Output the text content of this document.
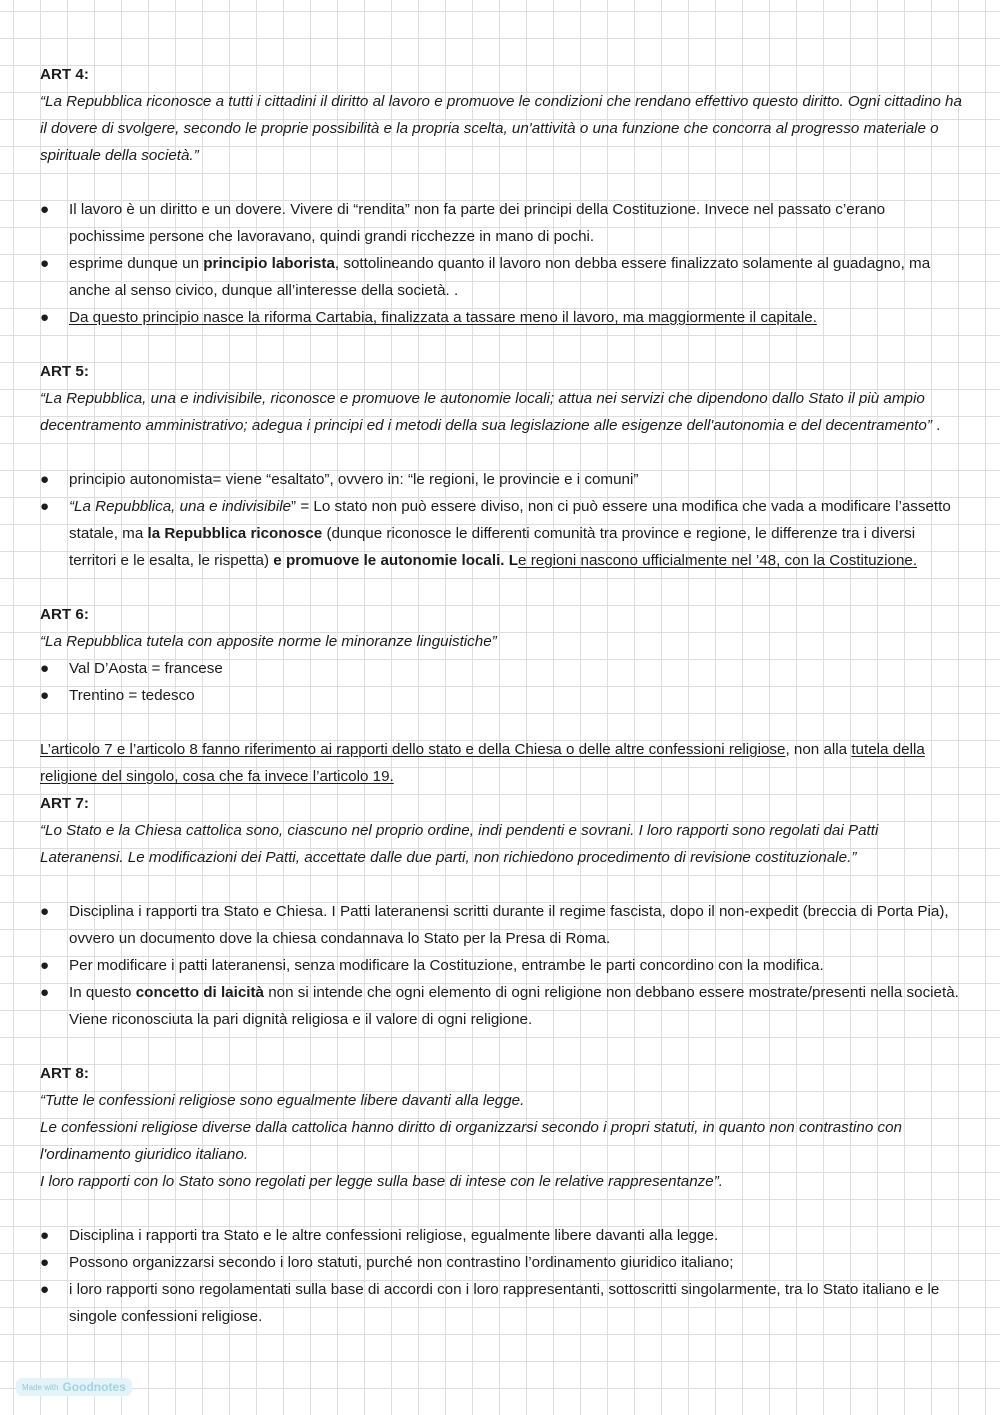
ART 4:

“La Repubblica riconosce a tutti i cittadini il diritto al lavoro e promuove le condizioni che rendano effettivo questo diritto. Ogni cittadino ha il dovere di svolgere, secondo le proprie possibilità e la propria scelta, un'attività o una funzione che concorra al progresso materiale o spirituale della società.”

● Il lavoro è un diritto e un dovere. Vivere di “rendita” non fa parte dei principi della Costituzione. Invece nel passato c’erano pochissime persone che lavoravano, quindi grandi ricchezze in mano di pochi.
● esprime dunque un principio laborista, sottolineando quanto il lavoro non debba essere finalizzato solamente al guadagno, ma anche al senso civico, dunque all’interesse della società. .
● Da questo principio nasce la riforma Cartabia, finalizzata a tassare meno il lavoro, ma maggiormente il capitale.

ART 5:

“La Repubblica, una e indivisibile, riconosce e promuove le autonomie locali; attua nei servizi che dipendono dallo Stato il più ampio decentramento amministrativo; adegua i principi ed i metodi della sua legislazione alle esigenze dell'autonomia e del decentramento” .

● principio autonomista= viene “esaltato”, ovvero in: “le regioni, le provincie e i comuni”
● “La Repubblica, una e indivisibile” = Lo stato non può essere diviso, non ci può essere una modifica che vada a modificare l’assetto statale, ma la Repubblica riconosce (dunque riconosce le differenti comunità tra province e regione, le differenze tra i diversi territori e le esalta, le rispetta) e promuove le autonomie locali. Le regioni nascono ufficialmente nel ’48, con la Costituzione.

ART 6:

“La Repubblica tutela con apposite norme le minoranze linguistiche”

● Val D’Aosta = francese
● Trentino = tedesco

L’articolo 7 e l’articolo 8 fanno riferimento ai rapporti dello stato e della Chiesa o delle altre confessioni religiose, non alla tutela della religione del singolo, cosa che fa invece l’articolo 19.

ART 7:

“Lo Stato e la Chiesa cattolica sono, ciascuno nel proprio ordine, indi pendenti e sovrani. I loro rapporti sono regolati dai Patti Lateranensi. Le modificazioni dei Patti, accettate dalle due parti, non richiedono procedimento di revisione costituzionale.”

● Disciplina i rapporti tra Stato e Chiesa. I Patti lateranensi scritti durante il regime fascista, dopo il non-expedit (breccia di Porta Pia), ovvero un documento dove la chiesa condannava lo Stato per la Presa di Roma.
● Per modificare i patti lateranensi, senza modificare la Costituzione, entrambe le parti concordino con la modifica.
● In questo concetto di laicità non si intende che ogni elemento di ogni religione non debbano essere mostrate/presenti nella società. Viene riconosciuta la pari dignità religiosa e il valore di ogni religione.

ART 8:

“Tutte le confessioni religiose sono egualmente libere davanti alla legge.

Le confessioni religiose diverse dalla cattolica hanno diritto di organizzarsi secondo i propri statuti, in quanto non contrastino con l'ordinamento giuridico italiano.

I loro rapporti con lo Stato sono regolati per legge sulla base di intese con le relative rappresentanze”.

● Disciplina i rapporti tra Stato e le altre confessioni religiose, egualmente libere davanti alla legge.
● Possono organizzarsi secondo i loro statuti, purché non contrastino l’ordinamento giuridico italiano;
● i loro rapporti sono regolamentati sulla base di accordi con i loro rappresentanti, sottoscritti singolarmente, tra lo Stato italiano e le singole confessioni religiose.
Made with Goodnotes
